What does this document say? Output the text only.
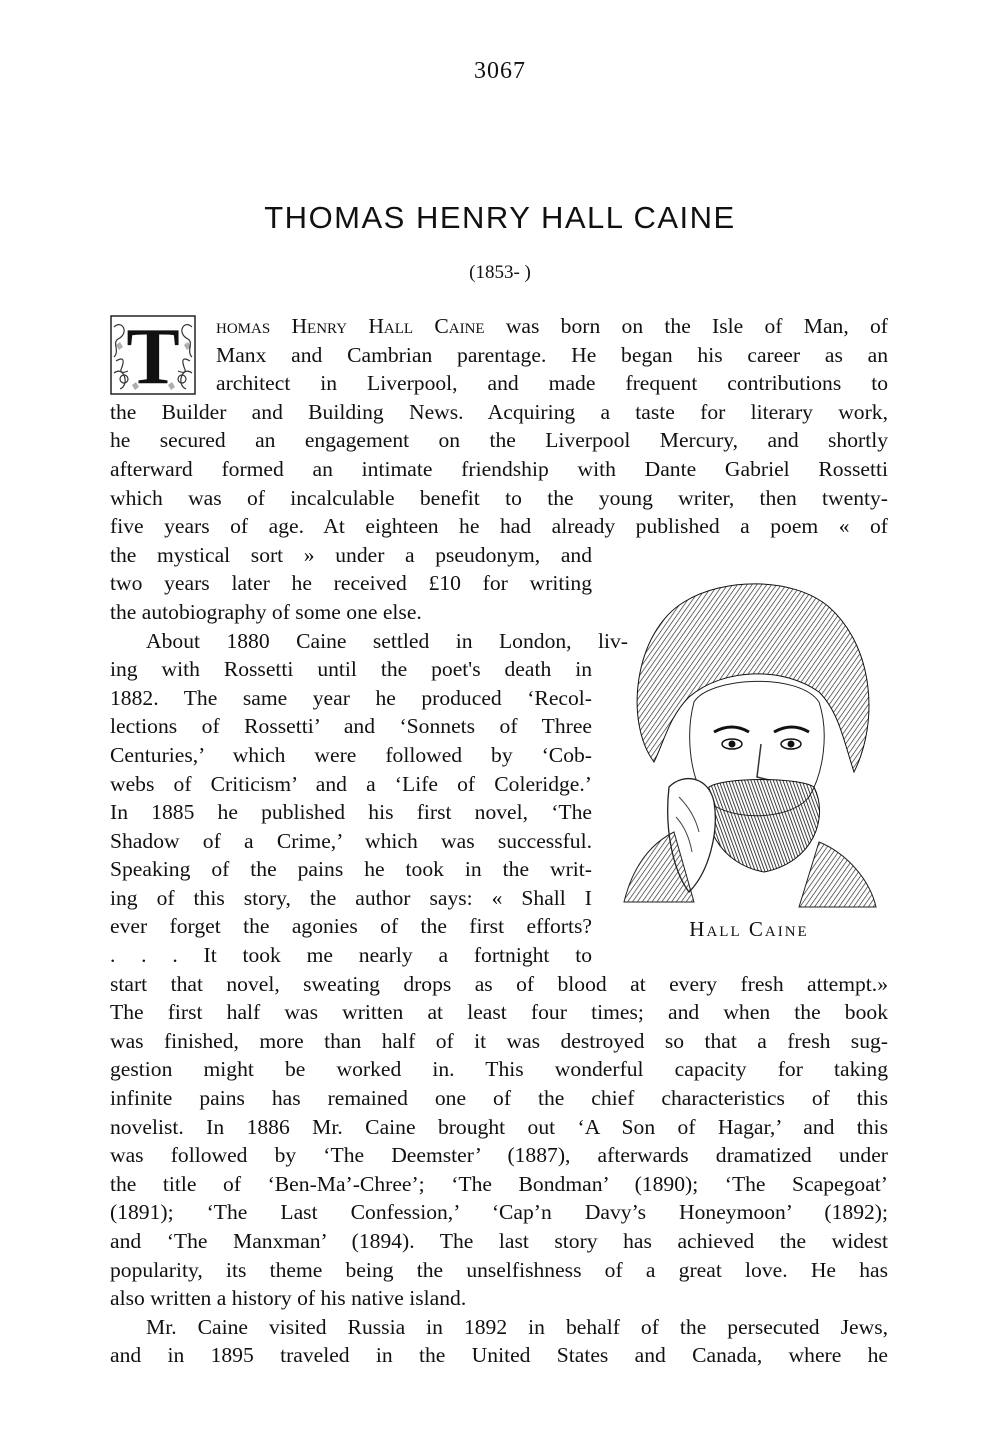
3067
THOMAS HENRY HALL CAINE
(1853- )
T	homas Henry Hall Caine was born on the Isle of Man, of
Manx and Cambrian parentage. He began his career as an
architect in Liverpool, and made frequent contributions to
the Builder and Building News. Acquiring a taste for literary work,
he secured an engagement on the Liverpool Mercury, and shortly
afterward formed an intimate friendship with Dante Gabriel Rossetti
which was of incalculable benefit to the young writer, then twenty-
five years of age. At eighteen he had already published a poem « of
the mystical sort » under a pseudonym, and
two years later he received £10 for writing
the autobiography of some one else.
About 1880 Caine settled in London, liv-
ing with Rossetti until the poet's death in
1882. The same year he produced ‘Recol-
lections of Rossetti’ and ‘Sonnets of Three
Centuries,’ which were followed by ‘Cob-
webs of Criticism’ and a ‘Life of Coleridge.’
In 1885 he published his first novel, ‘The
Shadow of a Crime,’ which was successful.
Speaking of the pains he took in the writ-
ing of this story, the author says: « Shall I
ever forget the agonies of the first efforts?
. . . It took me nearly a fortnight to
start that novel, sweating drops as of blood at every fresh attempt.»
The first half was written at least four times; and when the book
was finished, more than half of it was destroyed so that a fresh sug-
gestion might be worked in. This wonderful capacity for taking
infinite pains has remained one of the chief characteristics of this
novelist. In 1886 Mr. Caine brought out ‘A Son of Hagar,’ and this
was followed by ‘The Deemster’ (1887), afterwards dramatized under
the title of ‘Ben-Ma’-Chree’; ‘The Bondman’ (1890); ‘The Scapegoat’
(1891); ‘The Last Confession,’ ‘Cap’n Davy’s Honeymoon’ (1892);
and ‘The Manxman’ (1894). The last story has achieved the widest
popularity, its theme being the unselfishness of a great love. He has
also written a history of his native island.
Mr. Caine visited Russia in 1892 in behalf of the persecuted Jews,
and in 1895 traveled in the United States and Canada, where he
Hall Caine
